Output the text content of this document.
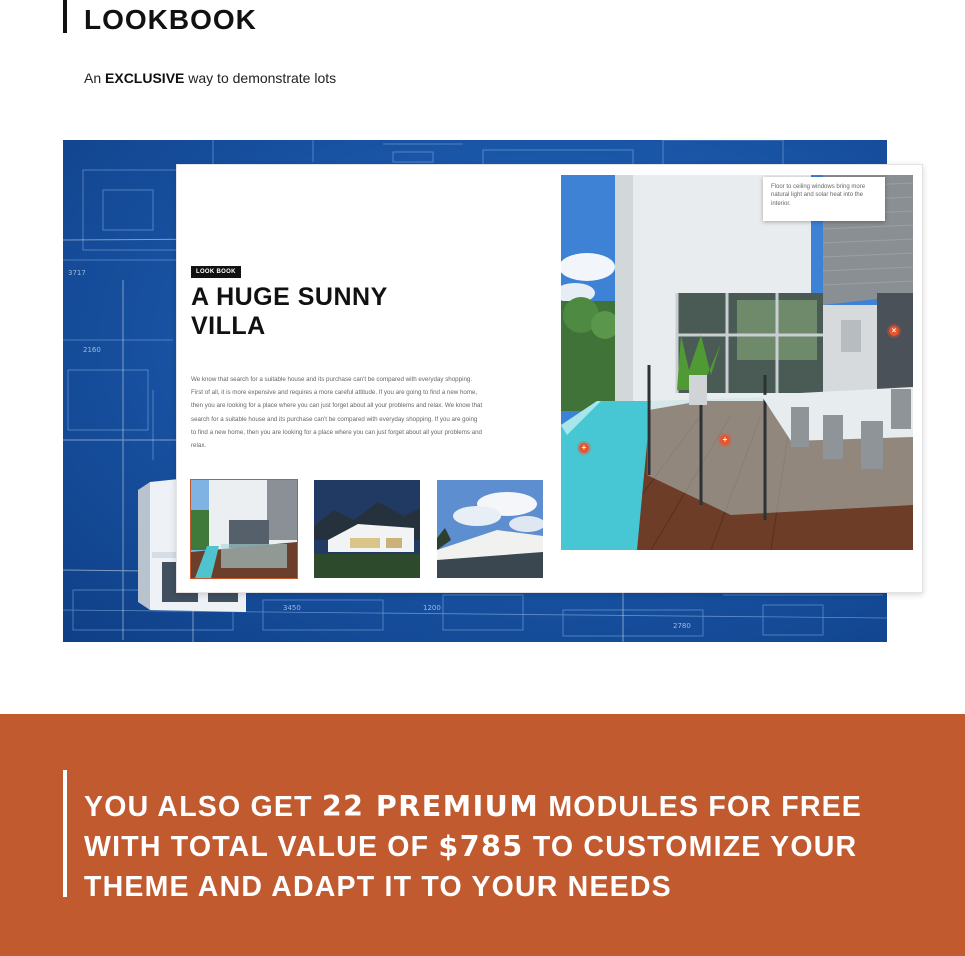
LOOKBOOK

An EXCLUSIVE way to demonstrate lots

3717
3450	1200
2780
2160
LOOK BOOK
A HUGE SUNNY
VILLA

We know that search for a suitable house and its purchase can't be compared with everyday shopping. First of all, it is more expensive and requires a more careful attitude. If you are going to find a new home, then you are looking for a place where you can just forget about all your problems and relax. We know that search for a suitable house and its purchase can't be compared with everyday shopping. If you are going to find a new home, then you are looking for a place where you can just forget about all your problems and relax.

Floor to ceiling windows bring more natural light and solar heat into the interior.
×
+
+

YOU ALSO GET 22 PREMIUM MODULES FOR FREE WITH TOTAL VALUE OF $785 TO CUSTOMIZE YOUR THEME AND ADAPT IT TO YOUR NEEDS
